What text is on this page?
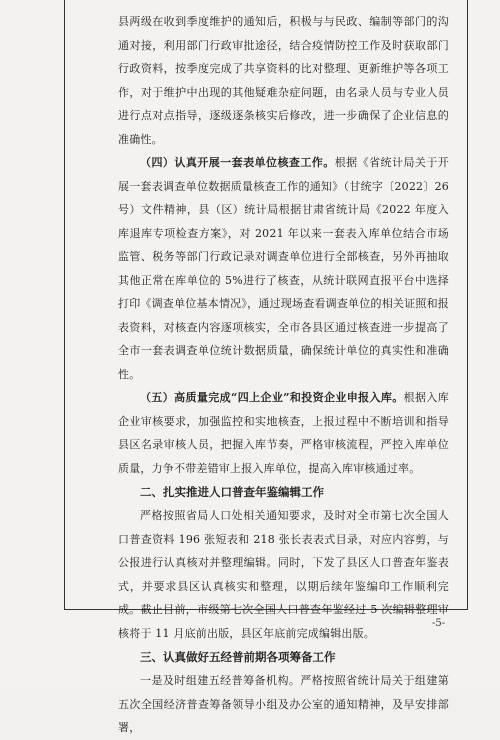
县两级在收到季度维护的通知后，积极与与民政、编制等部门的沟通对接，利用部门行政审批途径，结合疫情防控工作及时获取部门行政资料，按季度完成了共享资料的比对整理、更新维护等各项工作，对于维护中出现的其他疑难杂症问题，由名录人员与专业人员进行点对点指导，逐级逐条核实后修改，进一步确保了企业信息的准确性。

（四）认真开展一套表单位核查工作。根据《省统计局关于开展一套表调查单位数据质量核查工作的通知》（甘统字〔2022〕26 号）文件精神，县（区）统计局根据甘肃省统计局《2022 年度入库退库专项检查方案》，对 2021 年以来一套表入库单位结合市场监管、税务等部门行政记录对调查单位进行全部核查，另外再抽取其他正常在库单位的 5%进行了核查，从统计联网直报平台中选择打印《调查单位基本情况》，通过现场查看调查单位的相关证照和报表资料，对核查内容逐项核实，全市各县区通过核查进一步提高了全市一套表调查单位统计数据质量，确保统计单位的真实性和准确性。

（五）高质量完成“四上企业”和投资企业申报入库。根据入库企业审核要求，加强监控和实地核查，上报过程中不断培训和指导县区名录审核人员，把握入库节奏，严格审核流程，严控入库单位质量，力争不带差错审上报入库单位，提高入库审核通过率。

二、扎实推进人口普查年鉴编辑工作

严格按照省局人口处相关通知要求，及时对全市第七次全国人口普查资料 196 张短表和 218 张长表表式目录，对应内容剪，与公报进行认真核对并整理编辑。同时，下发了县区人口普查年鉴表式，并要求县区认真核实和整理，以期后续年鉴编印工作顺利完成。截止目前，市级第七次全国人口普查年鉴经过 5 次编辑整理审核将于 11 月底前出版，县区年底前完成编辑出版。

三、认真做好五经普前期各项筹备工作

一是及时组建五经普筹备机构。严格按照省统计局关于组建第五次全国经济普查筹备领导小组及办公室的通知精神，及早安排部署，

-5-
